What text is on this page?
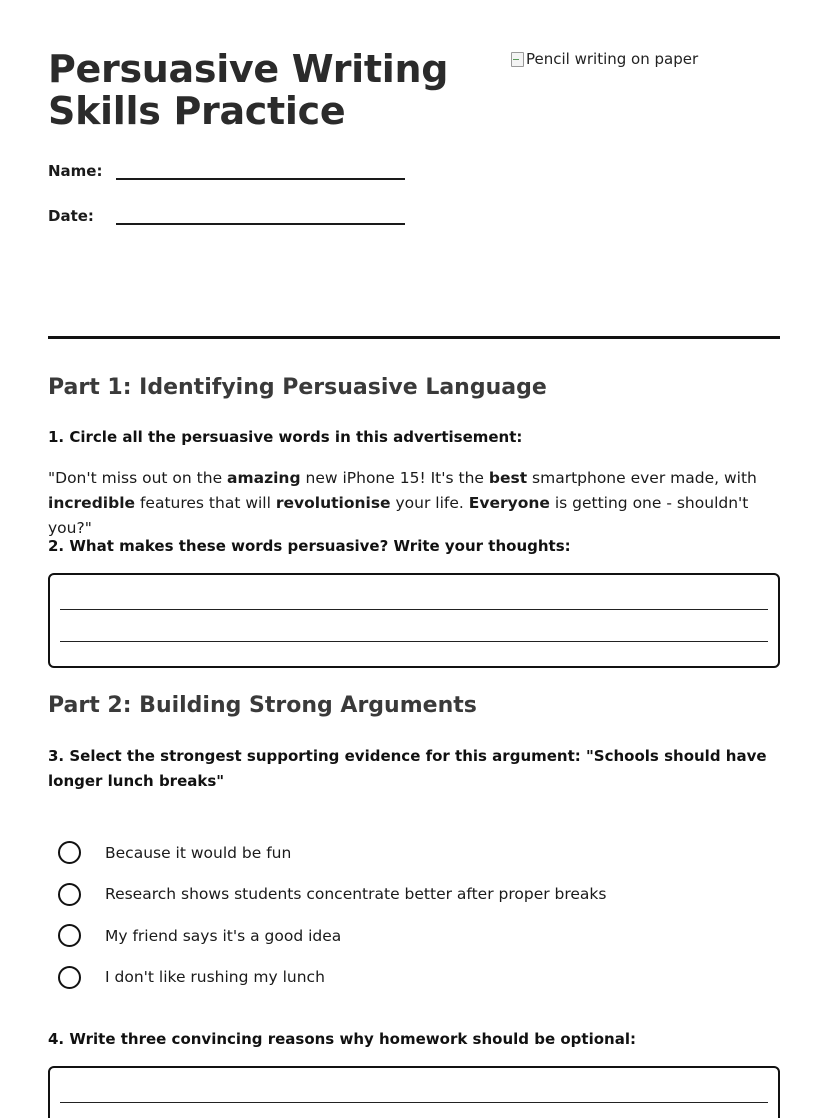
Persuasive Writing Skills Practice
Pencil writing on paper
Name:
Date:
Part 1: Identifying Persuasive Language
1. Circle all the persuasive words in this advertisement:

"Don't miss out on the amazing new iPhone 15! It's the best smartphone ever made, with incredible features that will revolutionise your life. Everyone is getting one - shouldn't you?"

2. What makes these words persuasive? Write your thoughts:
Part 2: Building Strong Arguments
3. Select the strongest supporting evidence for this argument: "Schools should have longer lunch breaks"
Because it would be fun
Research shows students concentrate better after proper breaks
My friend says it's a good idea
I don't like rushing my lunch
4. Write three convincing reasons why homework should be optional:
